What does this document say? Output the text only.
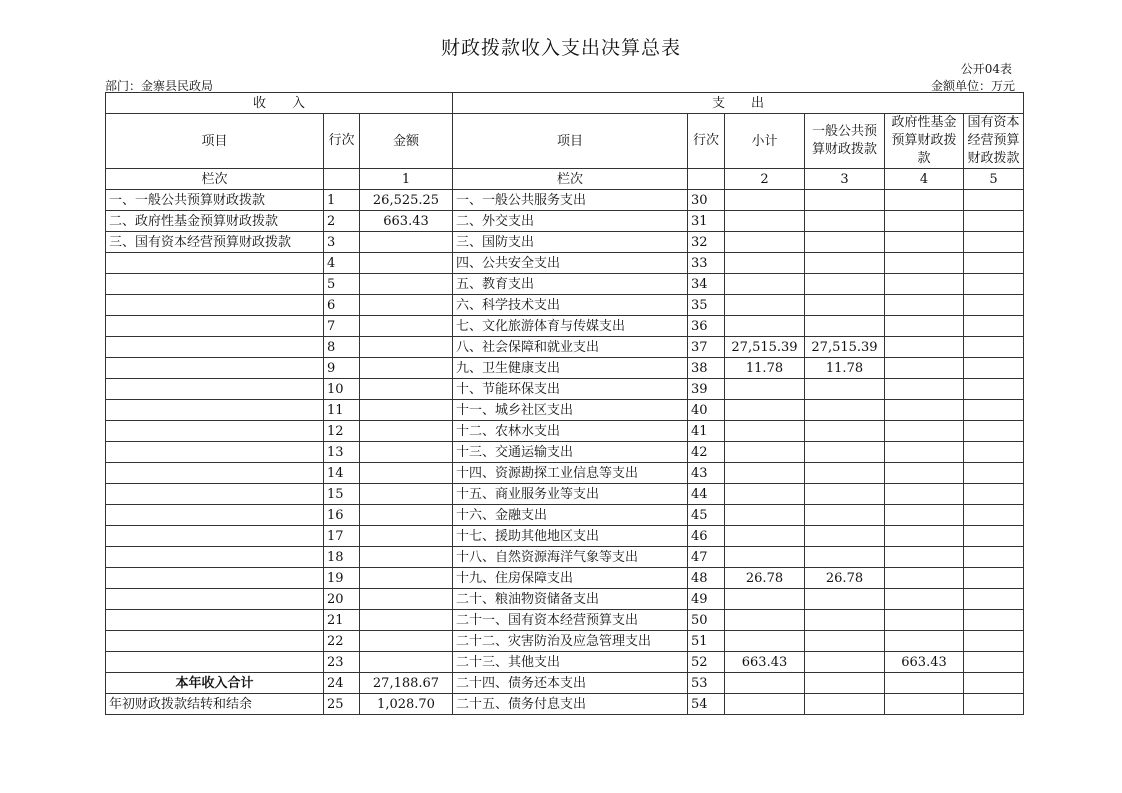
财政拨款收入支出决算总表
公开04表
部门：金寨县民政局	金额单位：万元
收　　入			支　　出					
项目	行次	金额	项目	行次	小计	一般公共预算财政拨款	政府性基金预算财政拨款	国有资本经营预算财政拨款
栏次		1	栏次		2	3	4	5
一、一般公共预算财政拨款	1	26,525.25	一、一般公共服务支出	30				
二、政府性基金预算财政拨款	2	663.43	二、外交支出	31				
三、国有资本经营预算财政拨款	3		三、国防支出	32				
	4		四、公共安全支出	33				
	5		五、教育支出	34				
	6		六、科学技术支出	35				
	7		七、文化旅游体育与传媒支出	36				
	8		八、社会保障和就业支出	37	27,515.39	27,515.39		
	9		九、卫生健康支出	38	11.78	11.78		
	10		十、节能环保支出	39				
	11		十一、城乡社区支出	40				
	12		十二、农林水支出	41				
	13		十三、交通运输支出	42				
	14		十四、资源勘探工业信息等支出	43				
	15		十五、商业服务业等支出	44				
	16		十六、金融支出	45				
	17		十七、援助其他地区支出	46				
	18		十八、自然资源海洋气象等支出	47				
	19		十九、住房保障支出	48	26.78	26.78		
	20		二十、粮油物资储备支出	49				
	21		二十一、国有资本经营预算支出	50				
	22		二十二、灾害防治及应急管理支出	51				
	23		二十三、其他支出	52	663.43		663.43	
本年收入合计	24	27,188.67	二十四、债务还本支出	53				
年初财政拨款结转和结余	25	1,028.70	二十五、债务付息支出	54				
